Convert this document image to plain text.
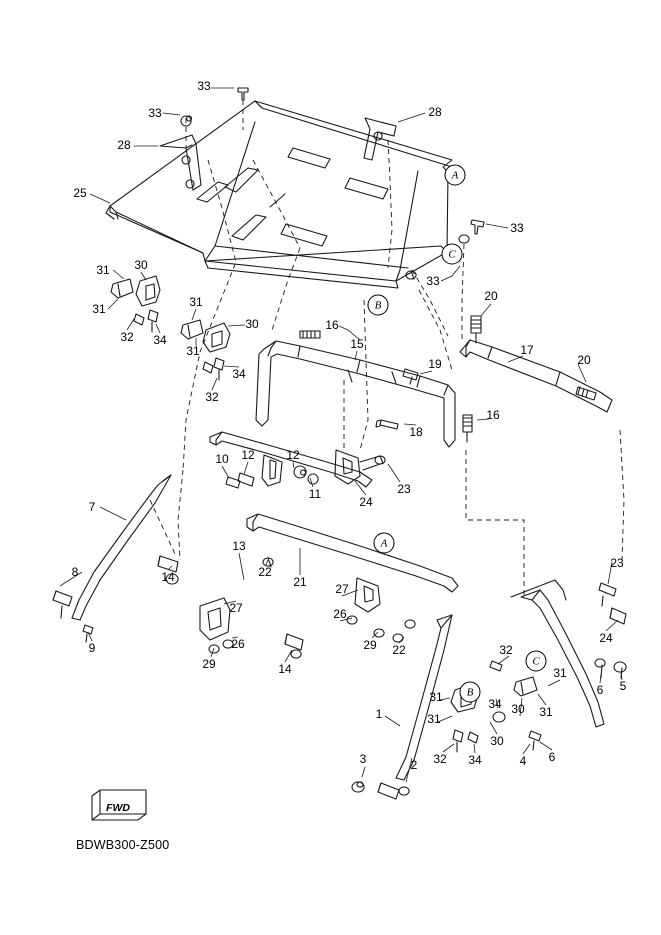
FWD
BDWB300-Z500
A
C
B
A
C
B
33
33	28
28
25
33
33
31 30
31	31
32 34
30	16
20
31	15	17
20
19
34
32
18
16
10 12	12
11
24
23
7
13
22
21
8	14
27
27
26
23
9	26
29	14
29 22
24
32
31
6 5
30 31
34
31
31
1
30
32 34	4 6
3	2
